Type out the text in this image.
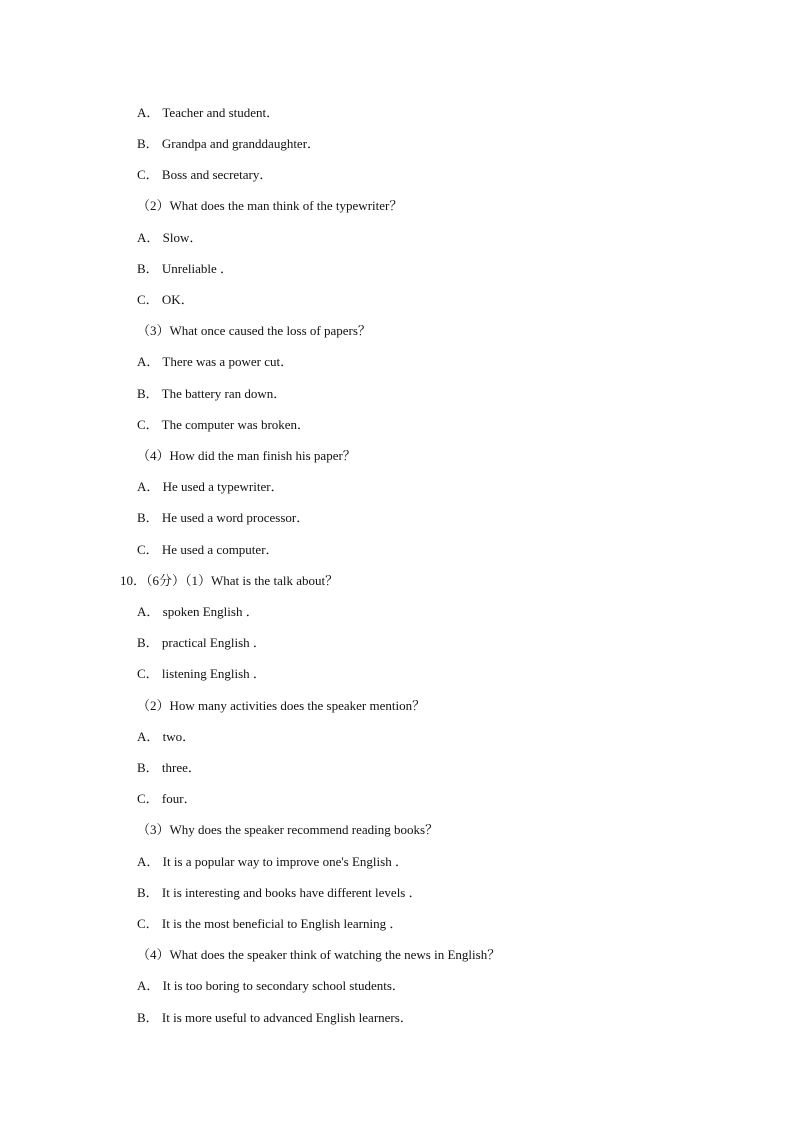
A． Teacher and student．
B． Grandpa and granddaughter．
C． Boss and secretary．
（2）What does the man think of the typewriter？
A． Slow．
B． Unreliable ．
C． OK．
（3）What once caused the loss of papers？
A． There was a power cut．
B． The battery ran down．
C． The computer was broken．
（4）How did the man finish his paper？
A． He used a typewriter．
B． He used a word processor．
C． He used a computer．
10．（6分）（1）What is the talk about？
A． spoken English ．
B． practical English ．
C． listening English ．
（2）How many activities does the speaker mention？
A． two．
B． three．
C． four．
（3）Why does the speaker recommend reading books？
A． It is a popular way to improve one's English ．
B． It is interesting and books have different levels ．
C． It is the most beneficial to English learning ．
（4）What does the speaker think of watching the news in English？
A． It is too boring to secondary school students．
B． It is more useful to advanced English learners．
